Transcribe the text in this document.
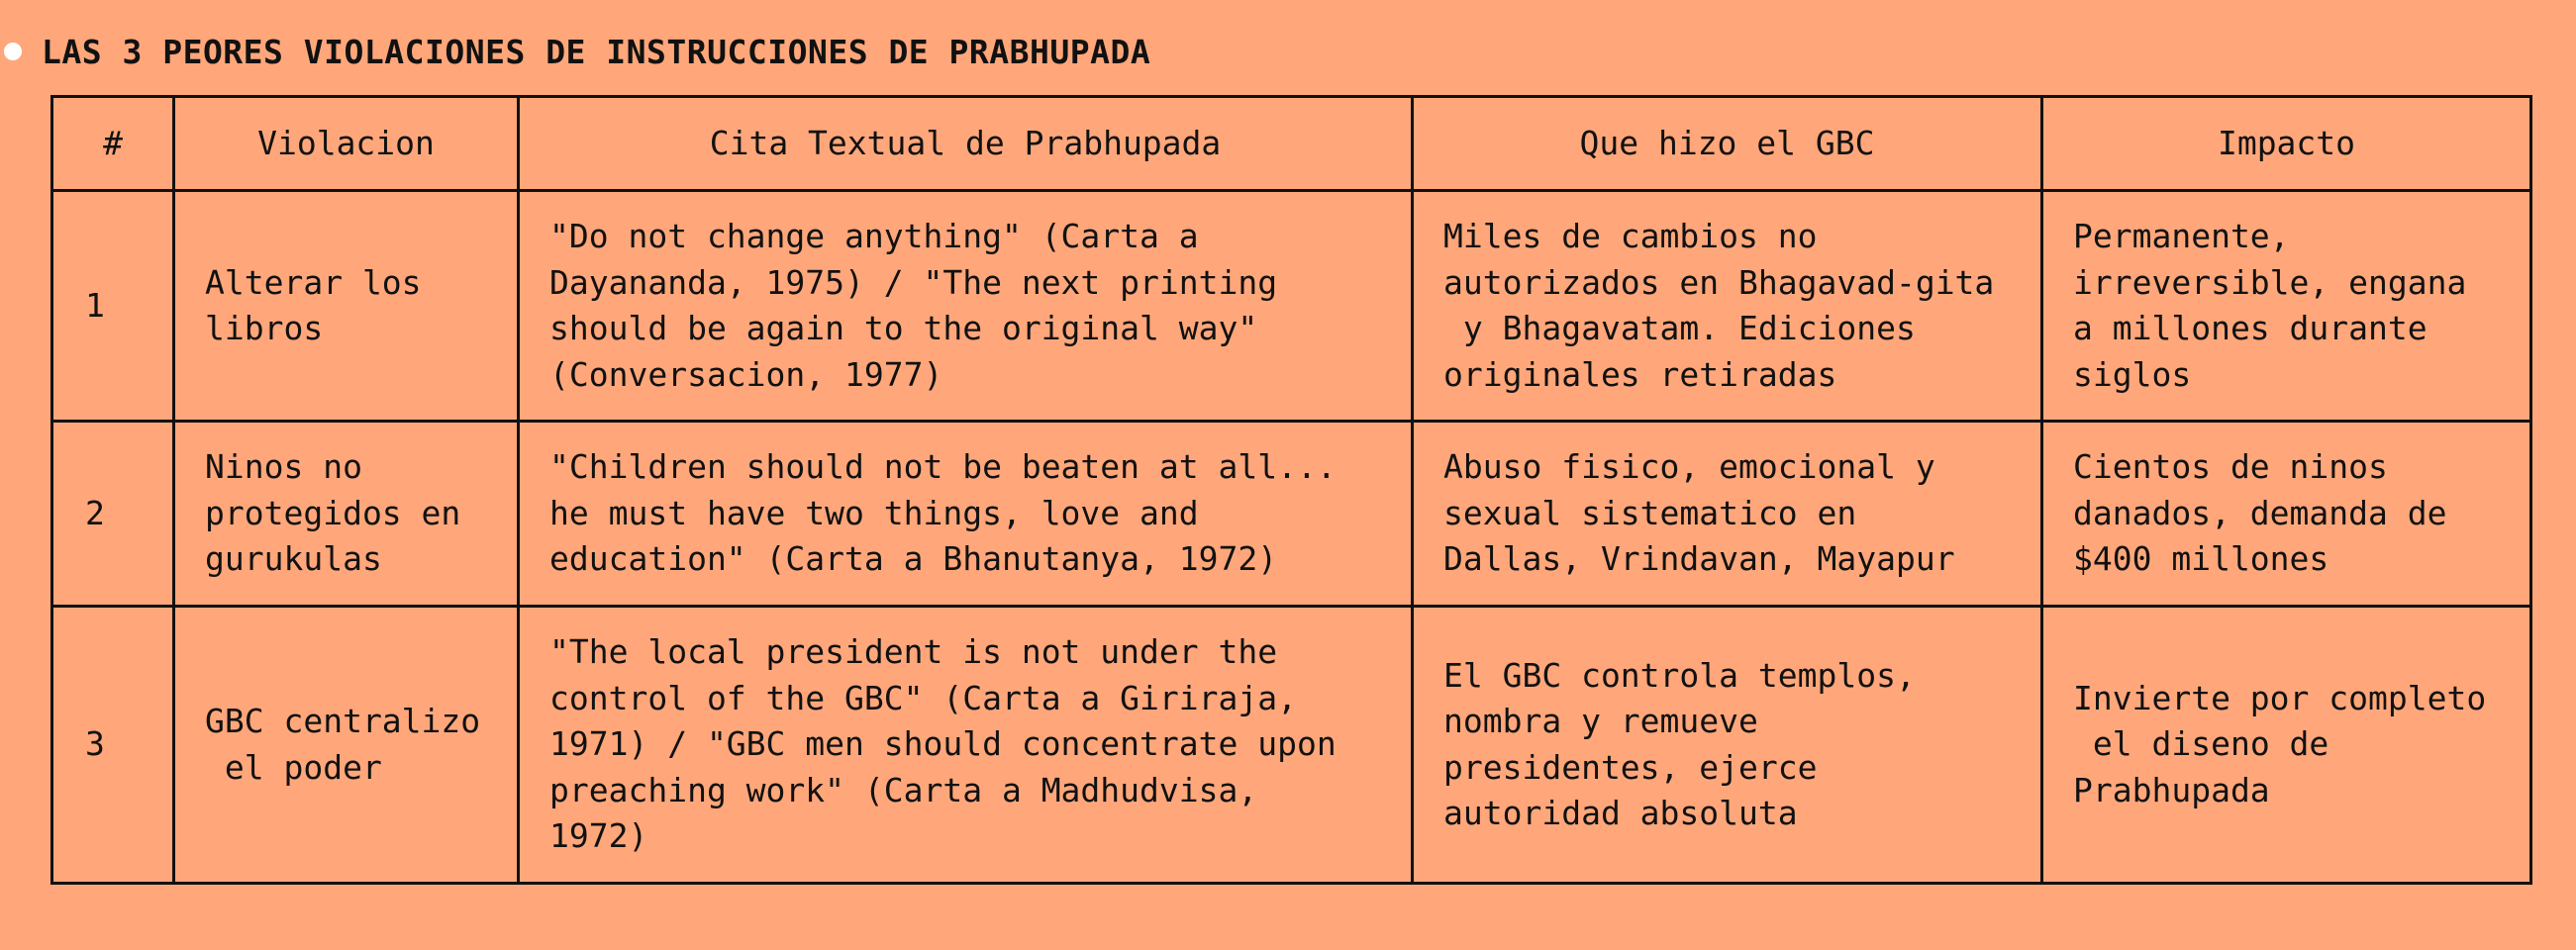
LAS 3 PEORES VIOLACIONES DE INSTRUCCIONES DE PRABHUPADA
#	Violacion	Cita Textual de Prabhupada	Que hizo el GBC	Impacto
1	Alterar los
libros	"Do not change anything" (Carta a
Dayananda, 1975) / "The next printing
should be again to the original way"
(Conversacion, 1977)	Miles de cambios no
autorizados en Bhagavad-gita
y Bhagavatam. Ediciones
originales retiradas	Permanente,
irreversible, engana
a millones durante
siglos
2	Ninos no
protegidos en
gurukulas	"Children should not be beaten at all...
he must have two things, love and
education" (Carta a Bhanutanya, 1972)	Abuso fisico, emocional y
sexual sistematico en
Dallas, Vrindavan, Mayapur	Cientos de ninos
danados, demanda de
$400 millones
3	GBC centralizo
el poder	"The local president is not under the
control of the GBC" (Carta a Giriraja,
1971) / "GBC men should concentrate upon
preaching work" (Carta a Madhudvisa,
1972)	El GBC controla templos,
nombra y remueve
presidentes, ejerce
autoridad absoluta	Invierte por completo
el diseno de
Prabhupada
